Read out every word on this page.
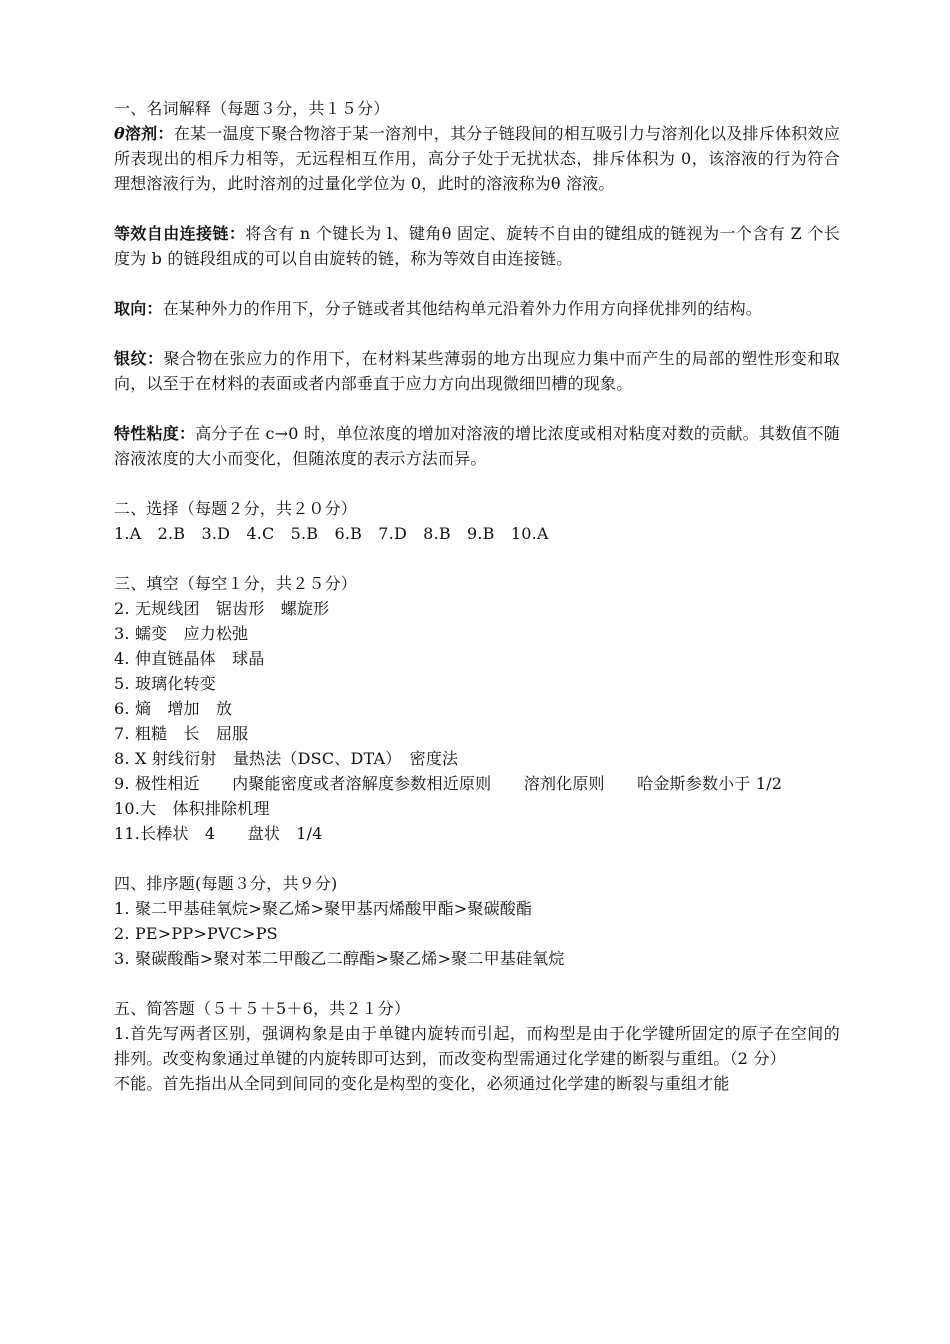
一、名词解释（每题３分，共１５分）
θ溶剂：在某一温度下聚合物溶于某一溶剂中，其分子链段间的相互吸引力与溶剂化以及排斥体积效应所表现出的相斥力相等，无远程相互作用，高分子处于无扰状态，排斥体积为 0，该溶液的行为符合理想溶液行为，此时溶剂的过量化学位为 0，此时的溶液称为θ 溶液。
等效自由连接链：将含有 n 个键长为 l、键角θ 固定、旋转不自由的键组成的链视为一个含有 Z 个长度为 b 的链段组成的可以自由旋转的链，称为等效自由连接链。
取向：在某种外力的作用下，分子链或者其他结构单元沿着外力作用方向择优排列的结构。
银纹：聚合物在张应力的作用下，在材料某些薄弱的地方出现应力集中而产生的局部的塑性形变和取向，以至于在材料的表面或者内部垂直于应力方向出现微细凹槽的现象。
特性粘度：高分子在 c→0 时，单位浓度的增加对溶液的增比浓度或相对粘度对数的贡献。其数值不随溶液浓度的大小而变化，但随浓度的表示方法而异。
二、选择（每题２分，共２０分）
1.A　2.B　3.D　4.C　5.B　6.B　7.D　8.B　9.B　10.A
三、填空（每空１分，共２５分）
2. 无规线团　锯齿形　螺旋形
3. 蠕变　应力松弛
4. 伸直链晶体　球晶
5. 玻璃化转变
6. 熵　增加　放
7. 粗糙　长　屈服
8. X 射线衍射　量热法（DSC、DTA）　密度法
9. 极性相近　　内聚能密度或者溶解度参数相近原则　　溶剂化原则　　哈金斯参数小于 1/2
10.大　体积排除机理
11.长棒状　4　　盘状　1/4
四、排序题(每题３分，共９分)
1. 聚二甲基硅氧烷>聚乙烯>聚甲基丙烯酸甲酯>聚碳酸酯
2. PE>PP>PVC>PS
3. 聚碳酸酯>聚对苯二甲酸乙二醇酯>聚乙烯>聚二甲基硅氧烷
五、简答题（５＋５＋5＋6，共２１分）
1.首先写两者区别，强调构象是由于单键内旋转而引起，而构型是由于化学键所固定的原子在空间的排列。改变构象通过单键的内旋转即可达到，而改变构型需通过化学建的断裂与重组。（2 分）
不能。首先指出从全同到间同的变化是构型的变化，必须通过化学建的断裂与重组才能
